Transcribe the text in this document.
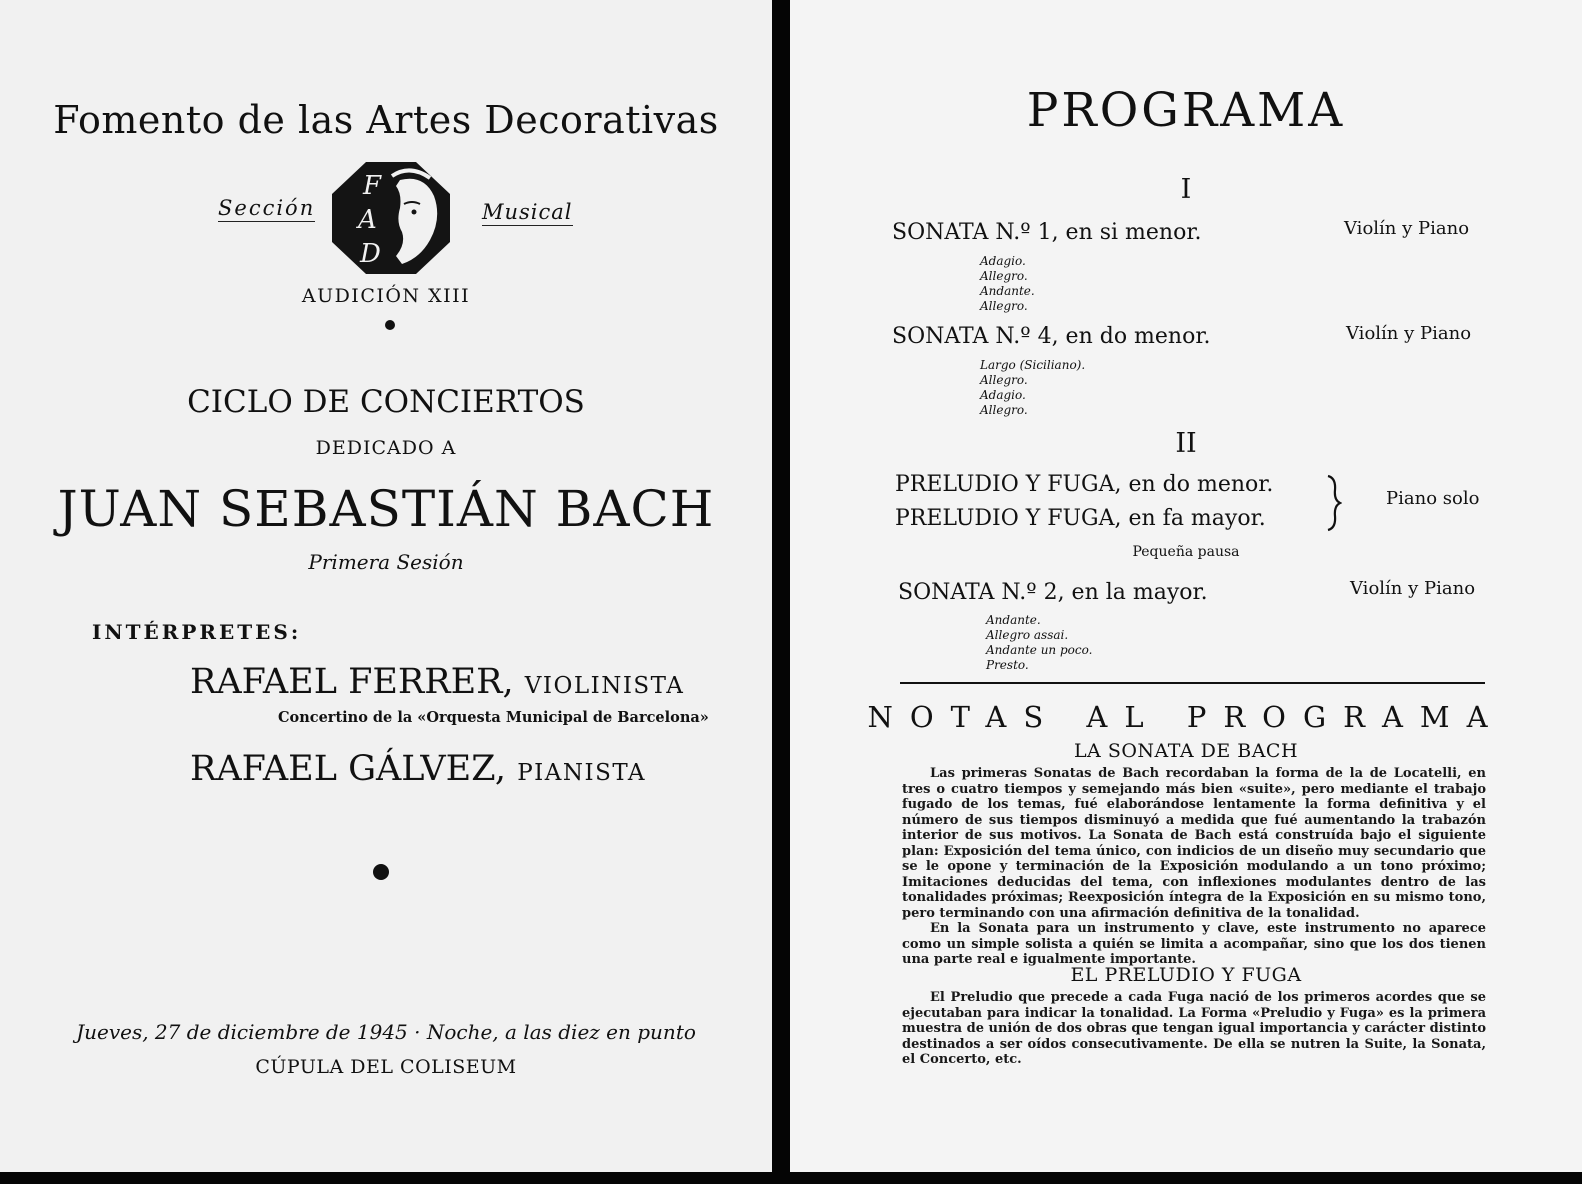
Fomento de las Artes Decorativas
Sección
F
A
D
Musical
AUDICIÓN XIII
CICLO DE CONCIERTOS
DEDICADO A
JUAN SEBASTIÁN BACH
Primera Sesión
INTÉRPRETES:
RAFAEL FERRER, VIOLINISTA
Concertino de la «Orquesta Municipal de Barcelona»
RAFAEL GÁLVEZ, PIANISTA
Jueves, 27 de diciembre de 1945 · Noche, a las diez en punto
CÚPULA DEL COLISEUM
PROGRAMA
I
SONATA N.º 1, en si menor.	Violín y Piano
Adagio.
Allegro.
Andante.
Allegro.
SONATA N.º 4, en do menor.	Violín y Piano
Largo (Siciliano).
Allegro.
Adagio.
Allegro.
II
PRELUDIO Y FUGA, en do menor.
PRELUDIO Y FUGA, en fa mayor.
Piano solo
Pequeña pausa
SONATA N.º 2, en la mayor.	Violín y Piano
Andante.
Allegro assai.
Andante un poco.
Presto.
NOTAS AL PROGRAMA
LA SONATA DE BACH
Las primeras Sonatas de Bach recordaban la forma de la de Locatelli, en tres o cuatro tiempos y semejando más bien «suite», pero mediante el trabajo fugado de los temas, fué elaborándose lentamente la forma definitiva y el número de sus tiempos disminuyó a medida que fué aumentando la trabazón interior de sus motivos. La Sonata de Bach está construída bajo el siguiente plan: Exposición del tema único, con indicios de un diseño muy secundario que se le opone y terminación de la Exposición modulando a un tono próximo; Imitaciones deducidas del tema, con inflexiones modulantes dentro de las tonalidades próximas; Reexposición íntegra de la Exposición en su mismo tono, pero terminando con una afirmación definitiva de la tonalidad.
En la Sonata para un instrumento y clave, este instrumento no aparece como un simple solista a quién se limita a acompañar, sino que los dos tienen una parte real e igualmente importante.
EL PRELUDIO Y FUGA
El Preludio que precede a cada Fuga nació de los primeros acordes que se ejecutaban para indicar la tonalidad. La Forma «Preludio y Fuga» es la primera muestra de unión de dos obras que tengan igual importancia y carácter distinto destinados a ser oídos consecutivamente. De ella se nutren la Suite, la Sonata, el Concerto, etc.
